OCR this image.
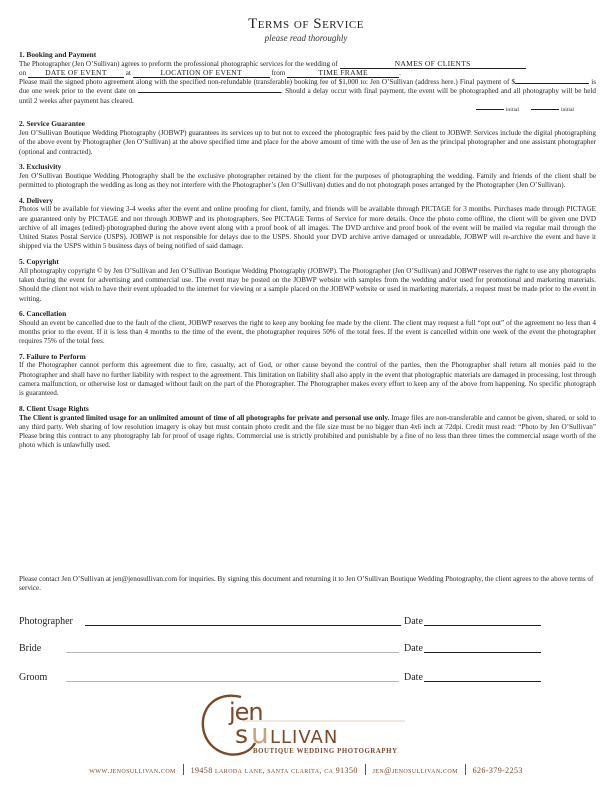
Terms of Service
please read thoroughly
1. Booking and Payment

The Photographer (Jen O’Sullivan) agrees to preform the professional photographic services for the wedding of	NAMES OF CLIENTS
on DATE OF EVENT at	LOCATION OF EVENT	from	TIME FRAME	.
Please mail the signed photo agreement along with the specified non-refundable (transferable) booking fee of $1,000 to: Jen O’Sullivan (address here.) Final payment of $	is due one week prior to the event date on	. Should a delay occur with final payment, the event will be photographed and all photography will be held until 2 weeks after payment has cleared.

initial	initial
2. Service Guarantee

Jen O’Sullivan Boutique Wedding Photography (JOBWP) guarantees its services up to but not to exceed the photographic fees paid by the client to JOBWP. Services include the digital photographing of the above event by Photographer (Jen O’Sullivan) at the above specified time and place for the above amount of time with the use of Jen as the principal photographer and one assistant photographer (optional and contracted).

3. Exclusivity

Jen O’Sullivan Boutique Wedding Photography shall be the exclusive photographer retained by the client for the purposes of photographing the wedding. Family and friends of the client shall be permitted to photograph the wedding as long as they not interfere with the Photographer’s (Jen O’Sullivan) duties and do not photograph poses arranged by the Photographer (Jen O’Sullivan).

4. Delivery

Photos will be available for viewing 3-4 weeks after the event and online proofing for client, family, and friends will be available through PICTAGE for 3 months. Purchases made through PICTAGE are guaranteed only by PICTAGE and not through JOBWP and its photographers. See PICTAGE Terms of Service for more details. Once the photo come offline, the client will be given one DVD archive of all images (edited) photographed during the above event along with a proof book of all images. The DVD archive and proof book of the event will be mailed via regular mail through the United States Postal Service (USPS). JOBWP is not responsible for delays due to the USPS. Should your DVD archive arrive damaged or unreadable, JOBWP will re-archive the event and have it shipped via the USPS within 5 business days of being notified of said damage.

5. Copyright

All photography copyright © by Jen O’Sullivan and Jen O’Sullivan Boutique Wedding Photography (JOBWP). The Photographer (Jen O’Sullivan) and JOBWP reserves the right to use any photographs taken during the event for advertising and commercial use. The event may be posted on the JOBWP website with samples from the wedding and/or used for promotional and marketing materials. Should the client not wish to have their event uploaded to the internet for viewing or a sample placed on the JOBWP website or used in marketing materials, a request must be made prior to the event in writing.

6. Cancellation

Should an event be cancelled due to the fault of the client, JOBWP reserves the right to keep any booking fee made by the client. The client may request a full “opt out” of the agreement no less than 4 months prior to the event. If it is less than 4 months to the time of the event, the photographer requires 50% of the total fees. If the event is cancelled within one week of the event the photographer requires 75% of the total fees.

7. Failure to Perform

If the Photographer cannot perform this agreement due to fire, casualty, act of God, or other cause beyond the control of the parties, then the Photographer shall return all monies paid to the Photographer and shall have no further liability with respect to the agreement. This limitation on liability shall also apply in the event that photographic materials are damaged in processing, lost through camera malfunction, or otherwise lost or damaged without fault on the part of the Photographer. The Photographer makes every effort to keep any of the above from happening. No specific photograph is guaranteed.

8. Client Usage Rights

The Client is granted limited usage for an unlimited amount of time of all photographs for private and personal use only. Image files are non-transferable and cannot be given, shared, or sold to any third party. Web sharing of low resolution imagery is okay but must contain photo credit and the file size must be no bigger than 4x6 inch at 72dpi. Credit must read: “Photo by Jen O’Sullivan” Please bring this contract to any photography lab for proof of usage rights. Commercial use is strictly prohibited and punishable by a fine of no less than three times the commercial usage worth of the photo which is unlawfully used.

Please contact Jen O’Sullivan at jen@jenosullivan.com for inquiries. By signing this document and returning it to Jen O’Sullivan Boutique Wedding Photography, the client agrees to the above terms of service.
Photographer	Date
Bride	Date
Groom	Date
jen
s u llivan
BOUTIQUE WEDDING PHOTOGRAPHY
www.jenosullivan.com 19458 laroda lane, santa clarita, ca 91350 jen@jenosullivan.com 626-379-2253
